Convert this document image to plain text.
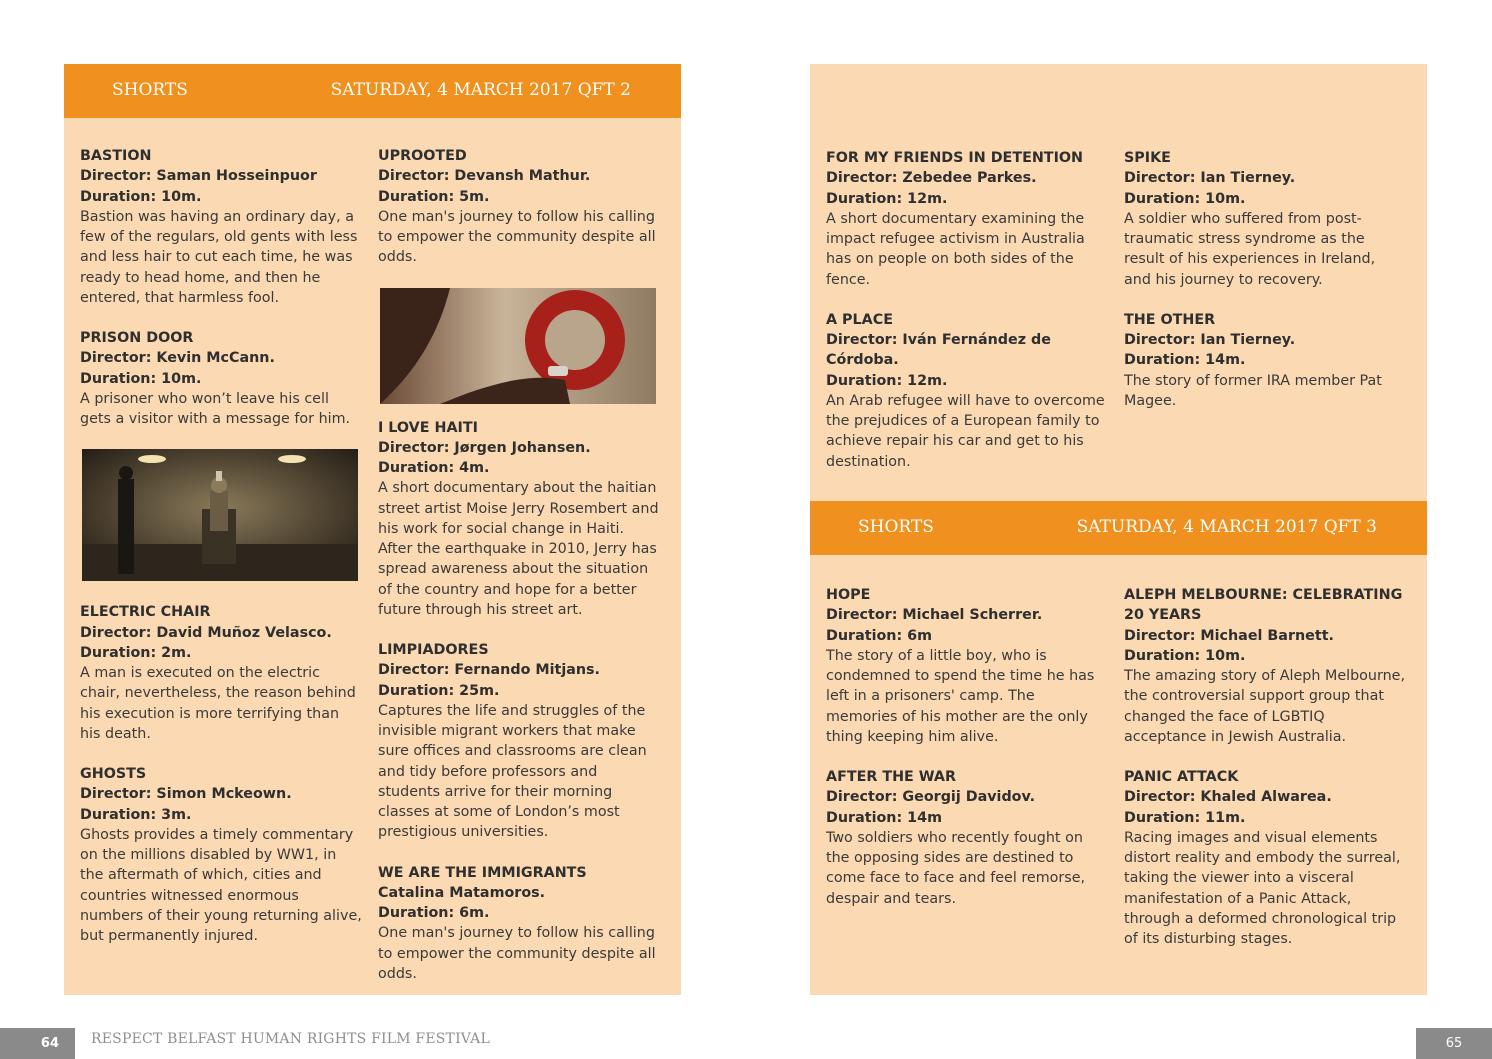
SHORTS	SATURDAY, 4 MARCH 2017 QFT 2
BASTION
Director: Saman Hosseinpuor
Duration: 10m.
Bastion was having an ordinary day, a few of the regulars, old gents with less and less hair to cut each time, he was ready to head home, and then he entered, that harmless fool.
PRISON DOOR
Director: Kevin McCann.
Duration: 10m.
A prisoner who won’t leave his cell gets a visitor with a message for him.
ELECTRIC CHAIR
Director: David Muñoz Velasco.
Duration: 2m.
A man is executed on the electric chair, nevertheless, the reason behind his execution is more terrifying than his death.
GHOSTS
Director: Simon Mckeown.
Duration: 3m.
Ghosts provides a timely commentary on the millions disabled by WW1, in the aftermath of which, cities and countries witnessed enormous numbers of their young returning alive, but permanently injured.
UPROOTED
Director: Devansh Mathur.
Duration: 5m.
One man's journey to follow his calling to empower the community despite all odds.
I LOVE HAITI
Director: Jørgen Johansen.
Duration: 4m.
A short documentary about the haitian street artist Moise Jerry Rosembert and his work for social change in Haiti. After the earthquake in 2010, Jerry has spread awareness about the situation of the country and hope for a better future through his street art.
LIMPIADORES
Director: Fernando Mitjans.
Duration: 25m.
Captures the life and struggles of the invisible migrant workers that make sure offices and classrooms are clean and tidy before professors and students arrive for their morning classes at some of London’s most prestigious universities.
WE ARE THE IMMIGRANTS
Catalina Matamoros.
Duration: 6m.
One man's journey to follow his calling to empower the community despite all odds.
FOR MY FRIENDS IN DETENTION
Director: Zebedee Parkes.
Duration: 12m.
A short documentary examining the impact refugee activism in Australia has on people on both sides of the fence.
A PLACE
Director: Iván Fernández de Córdoba.
Duration: 12m.
An Arab refugee will have to overcome the prejudices of a European family to achieve repair his car and get to his destination.
SPIKE
Director: Ian Tierney.
Duration: 10m.
A soldier who suffered from post-traumatic stress syndrome as the result of his experiences in Ireland, and his journey to recovery.
THE OTHER
Director: Ian Tierney.
Duration: 14m.
The story of former IRA member Pat Magee.
SHORTS	SATURDAY, 4 MARCH 2017 QFT 3
HOPE
Director: Michael Scherrer.
Duration: 6m
The story of a little boy, who is condemned to spend the time he has left in a prisoners' camp. The memories of his mother are the only thing keeping him alive.
AFTER THE WAR
Director: Georgij Davidov.
Duration: 14m
Two soldiers who recently fought on the opposing sides are destined to come face to face and feel remorse, despair and tears.
ALEPH MELBOURNE: CELEBRATING 20 YEARS
Director: Michael Barnett.
Duration: 10m.
The amazing story of Aleph Melbourne, the controversial support group that changed the face of LGBTIQ acceptance in Jewish Australia.
PANIC ATTACK
Director: Khaled Alwarea.
Duration: 11m.
Racing images and visual elements distort reality and embody the surreal, taking the viewer into a visceral manifestation of a Panic Attack, through a deformed chronological trip of its disturbing stages.
64	RESPECT BELFAST HUMAN RIGHTS FILM FESTIVAL	65
